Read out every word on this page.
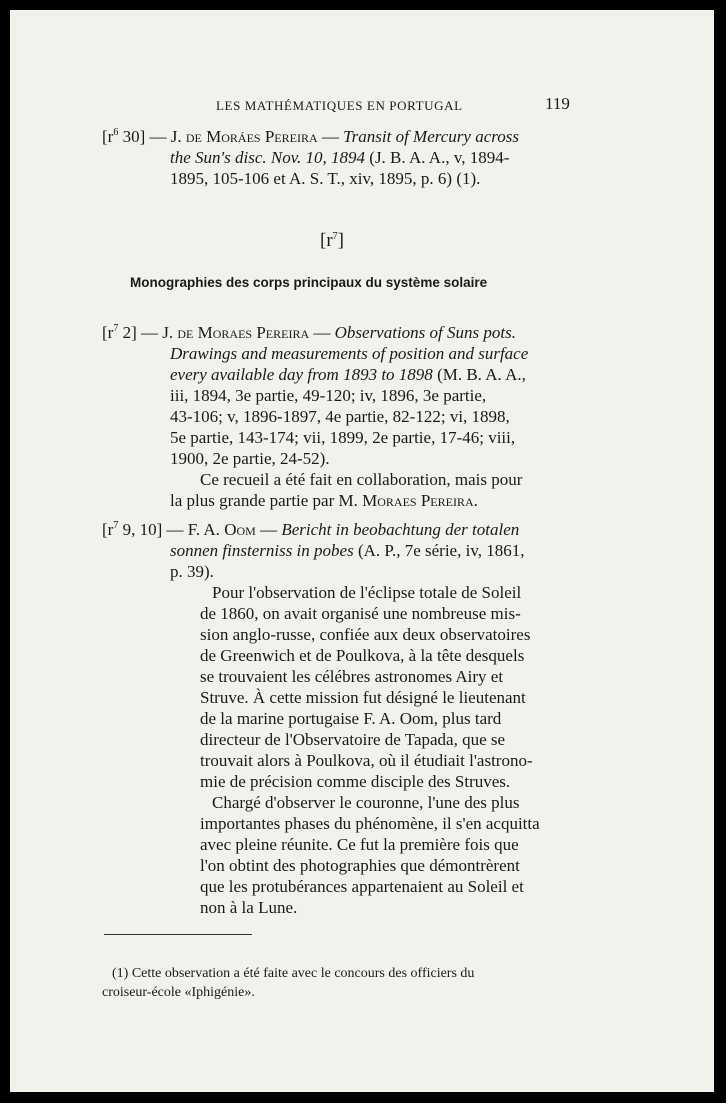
LES MATHÉMATIQUES EN PORTUGAL	119
[$r^6$ 30] — J. de Moráes Pereira — Transit of Mercury across
the Sun's disc. Nov. 10, 1894 (J. B. A. A., v, 1894-
1895, 105-106 et A. S. T., xiv, 1895, p. 6) (1).
$[r^7]$
Monographies des corps principaux du système solaire
[$r^7$ 2] — J. de Moraes Pereira — Observations of Suns pots.
Drawings and measurements of position and surface
every available day from 1893 to 1898 (M. B. A. A.,
iii, 1894, 3e partie, 49-120; iv, 1896, 3e partie,
43-106; v, 1896-1897, 4e partie, 82-122; vi, 1898,
5e partie, 143-174; vii, 1899, 2e partie, 17-46; viii,
1900, 2e partie, 24-52).
Ce recueil a été fait en collaboration, mais pour
la plus grande partie par M. Moraes Pereira.
[$r^7$ 9, 10] — F. A. Oom — Bericht in beobachtung der totalen
sonnen finsterniss in pobes (A. P., 7e série, iv, 1861,
p. 39).
Pour l'observation de l'éclipse totale de Soleil
de 1860, on avait organisé une nombreuse mis-
sion anglo-russe, confiée aux deux observatoires
de Greenwich et de Poulkova, à la tête desquels
se trouvaient les célébres astronomes Airy et
Struve. À cette mission fut désigné le lieutenant
de la marine portugaise F. A. Oom, plus tard
directeur de l'Observatoire de Tapada, que se
trouvait alors à Poulkova, où il étudiait l'astrono-
mie de précision comme disciple des Struves.
Chargé d'observer le couronne, l'une des plus
importantes phases du phénomène, il s'en acquitta
avec pleine réunite. Ce fut la première fois que
l'on obtint des photographies que démontrèrent
que les protubérances appartenaient au Soleil et
non à la Lune.
(1) Cette observation a été faite avec le concours des officiers du
croiseur-école «Iphigénie».
